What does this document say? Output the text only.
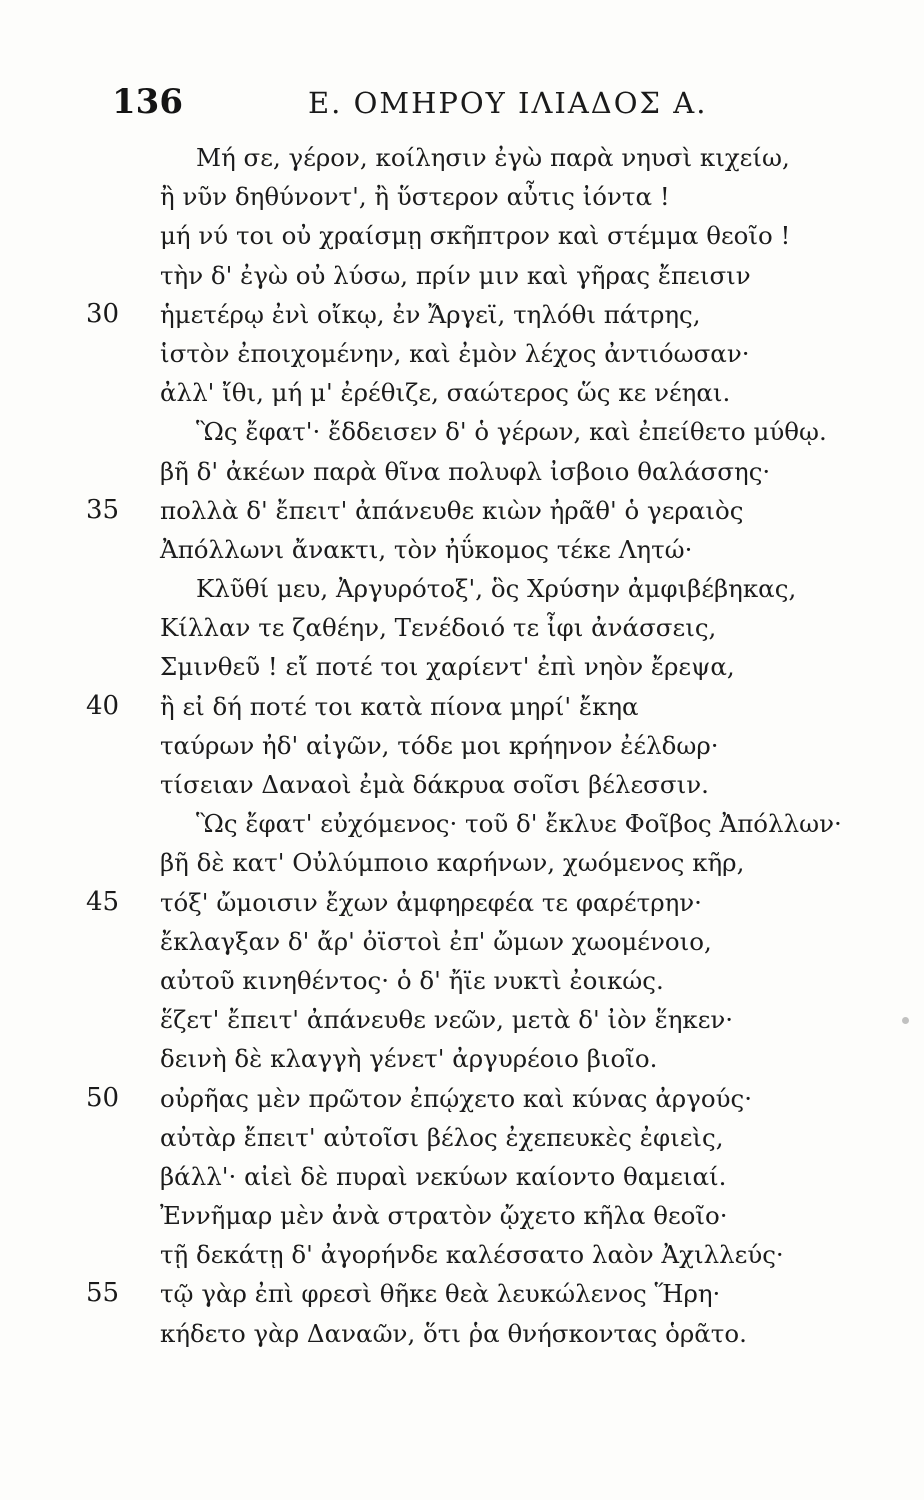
136	Ε. ΟΜΗΡΟΥ ΙΛΙΑΔΟΣ Α.
Μή σε, γέρον, κοίλησιν ἐγὼ παρὰ νηυσὶ κιχείω,
ἢ νῦν δηθύνοντ', ἢ ὕστερον αὖτις ἰόντα !
μή νύ τοι οὐ χραίσμῃ σκῆπτρον καὶ στέμμα θεοῖο !
τὴν δ' ἐγὼ οὐ λύσω, πρίν μιν καὶ γῆρας ἔπεισιν
30	ἡμετέρῳ ἐνὶ οἴκῳ, ἐν Ἄργεϊ, τηλόθι πάτρης,
ἱστὸν ἐποιχομένην, καὶ ἐμὸν λέχος ἀντιόωσαν·
ἀλλ' ἴθι, μή μ' ἐρέθιζε, σαώτερος ὥς κε νέηαι.
Ὣς ἔφατ'· ἔδδεισεν δ' ὁ γέρων, καὶ ἐπείθετο μύθῳ.
βῆ δ' ἀκέων παρὰ θῖνα πολυφλ ἰσβοιο θαλάσσης·
35	πολλὰ δ' ἔπειτ' ἀπάνευθε κιὼν ἠρᾶθ' ὁ γεραιὸς
Ἀπόλλωνι ἄνακτι, τὸν ἠΰκομος τέκε Λητώ·
Κλῦθί μευ, Ἀργυρότοξ', ὃς Χρύσην ἀμφιβέβηκας,
Κίλλαν τε ζαθέην, Τενέδοιό τε ἶφι ἀνάσσεις,
Σμινθεῦ ! εἴ ποτέ τοι χαρίεντ' ἐπὶ νηὸν ἔρεψα,
40	ἢ εἰ δή ποτέ τοι κατὰ πίονα μηρί' ἔκηα
ταύρων ἠδ' αἰγῶν, τόδε μοι κρήηνον ἐέλδωρ·
τίσειαν Δαναοὶ ἐμὰ δάκρυα σοῖσι βέλεσσιν.
Ὣς ἔφατ' εὐχόμενος· τοῦ δ' ἔκλυε Φοῖβος Ἀπόλλων·
βῆ δὲ κατ' Οὐλύμποιο καρήνων, χωόμενος κῆρ,
45	τόξ' ὤμοισιν ἔχων ἀμφηρεφέα τε φαρέτρην·
ἔκλαγξαν δ' ἄρ' ὀϊστοὶ ἐπ' ὤμων χωομένοιο,
αὐτοῦ κινηθέντος· ὁ δ' ἤϊε νυκτὶ ἐοικώς.
ἕζετ' ἔπειτ' ἀπάνευθε νεῶν, μετὰ δ' ἰὸν ἕηκεν·
δεινὴ δὲ κλαγγὴ γένετ' ἀργυρέοιο βιοῖο.
50	οὐρῆας μὲν πρῶτον ἐπῴχετο καὶ κύνας ἀργούς·
αὐτὰρ ἔπειτ' αὐτοῖσι βέλος ἐχεπευκὲς ἐφιεὶς,
βάλλ'· αἰεὶ δὲ πυραὶ νεκύων καίοντο θαμειαί.
Ἐννῆμαρ μὲν ἀνὰ στρατὸν ᾤχετο κῆλα θεοῖο·
τῇ δεκάτῃ δ' ἀγορήνδε καλέσσατο λαὸν Ἀχιλλεύς·
55	τῷ γὰρ ἐπὶ φρεσὶ θῆκε θεὰ λευκώλενος Ἥρη·
κήδετο γὰρ Δαναῶν, ὅτι ῥα θνήσκοντας ὁρᾶτο.
